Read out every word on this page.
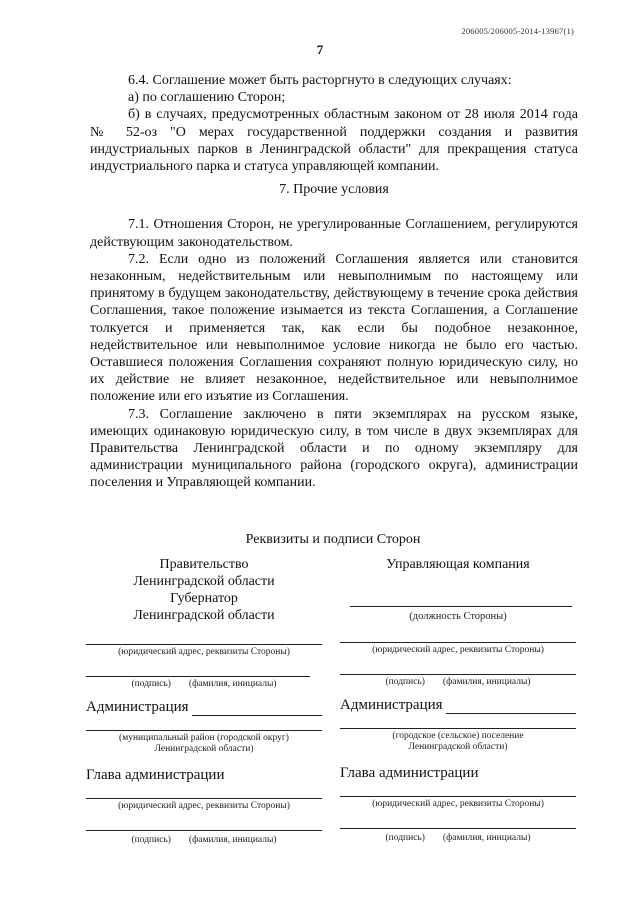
206005/206005-2014-13967(1)
7

6.4. Соглашение может быть расторгнуто в следующих случаях:

а) по соглашению Сторон;

б) в случаях, предусмотренных областным законом от 28 июля 2014 года № 52-оз "О мерах государственной поддержки создания и развития индустриальных парков в Ленинградской области" для прекращения статуса индустриального парка и статуса управляющей компании.

7. Прочие условия

7.1. Отношения Сторон, не урегулированные Соглашением, регулируются действующим законодательством.

7.2. Если одно из положений Соглашения является или становится незаконным, недействительным или невыполнимым по настоящему или принятому в будущем законодательству, действующему в течение срока действия Соглашения, такое положение изымается из текста Соглашения, а Соглашение толкуется и применяется так, как если бы подобное незаконное, недействительное или невыполнимое условие никогда не было его частью. Оставшиеся положения Соглашения сохраняют полную юридическую силу, но их действие не влияет незаконное, недействительное или невыполнимое положение или его изъятие из Соглашения.

7.3. Соглашение заключено в пяти экземплярах на русском языке, имеющих одинаковую юридическую силу, в том числе в двух экземплярах для Правительства Ленинградской области и по одному экземпляру для администрации муниципального района (городского округа), администрации поселения и Управляющей компании.

Реквизиты и подписи Сторон
Правительство
Ленинградской области
Губернатор
Ленинградской области
(юридический адрес, реквизиты Стороны)
(подпись) (фамилия, инициалы)
Администрация
(муниципальный район (городской округ)
Ленинградской области)
Глава администрации
(юридический адрес, реквизиты Стороны)
(подпись) (фамилия, инициалы)
Управляющая компания
(должность Стороны)
(юридический адрес, реквизиты Стороны)
(подпись) (фамилия, инициалы)
Администрация
(городское (сельское) поселение
Ленинградской области)
Глава администрации
(юридический адрес, реквизиты Стороны)
(подпись) (фамилия, инициалы)
